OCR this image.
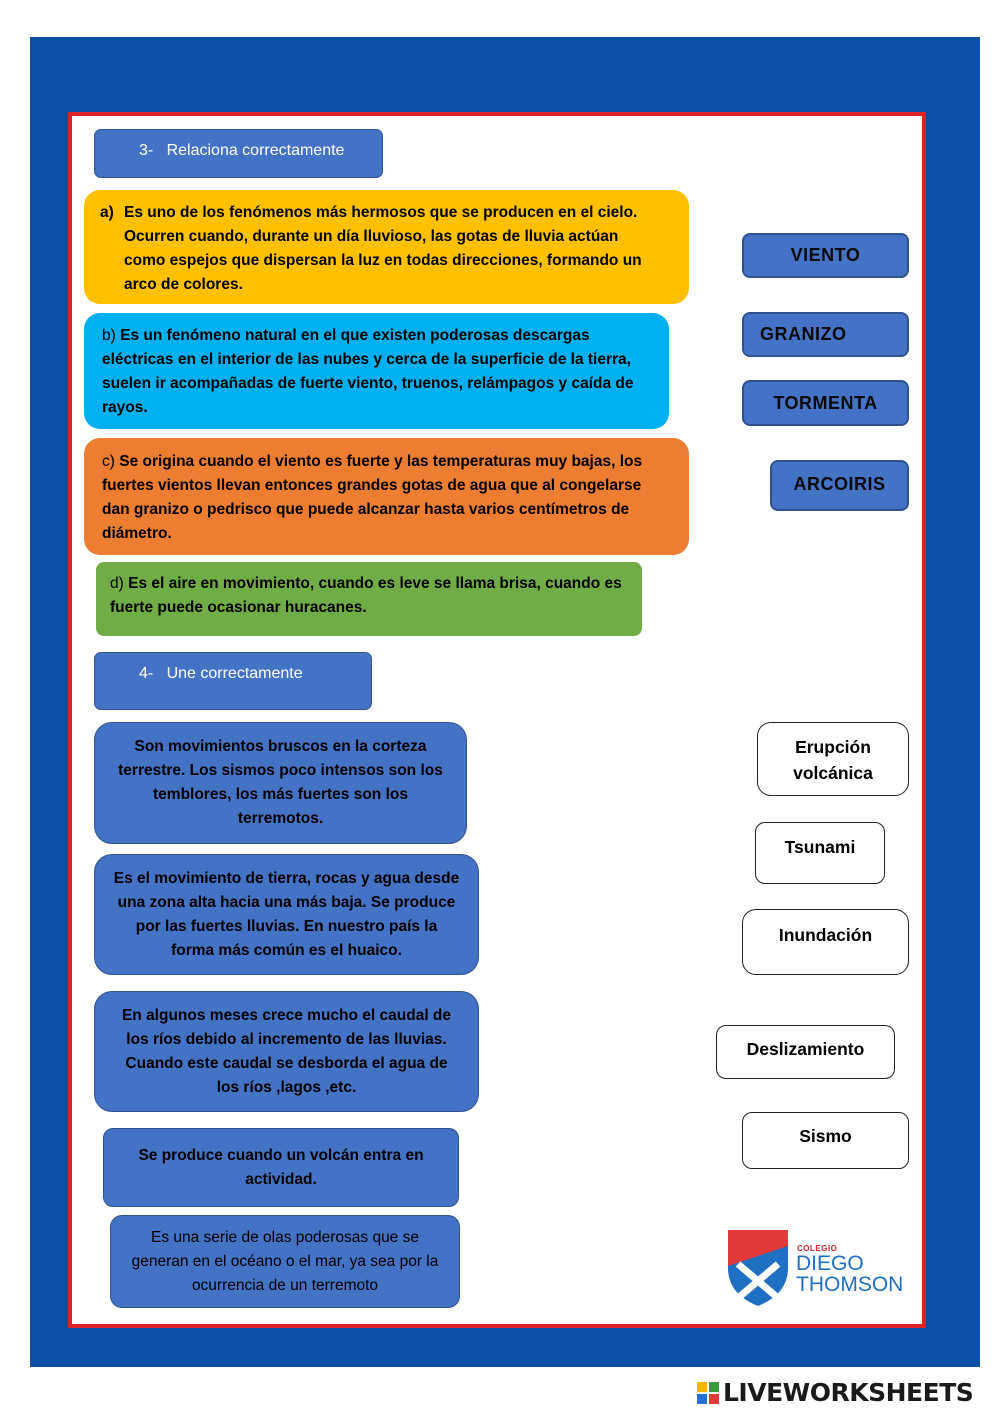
3- Relaciona correctamente
a) Es uno de los fenómenos más hermosos que se producen en el cielo. Ocurren cuando, durante un día lluvioso, las gotas de lluvia actúan como espejos que dispersan la luz en todas direcciones, formando un arco de colores.
b) Es un fenómeno natural en el que existen poderosas descargas eléctricas en el interior de las nubes y cerca de la superficie de la tierra, suelen ir acompañadas de fuerte viento, truenos, relámpagos y caída de rayos.
c) Se origina cuando el viento es fuerte y las temperaturas muy bajas, los fuertes vientos llevan entonces grandes gotas de agua que al congelarse dan granizo o pedrisco que puede alcanzar hasta varios centímetros de diámetro.
d) Es el aire en movimiento, cuando es leve se llama brisa, cuando es fuerte puede ocasionar huracanes.
VIENTO
GRANIZO
TORMENTA
ARCOIRIS
4- Une correctamente
Son movimientos bruscos en la corteza terrestre. Los sismos poco intensos son los temblores, los más fuertes son los terremotos.
Es el movimiento de tierra, rocas y agua desde una zona alta hacia una más baja. Se produce por las fuertes lluvias. En nuestro país la forma más común es el huaico.
En algunos meses crece mucho el caudal de los ríos debido al incremento de las lluvias. Cuando este caudal se desborda el agua de los ríos ,lagos ,etc.
Se produce cuando un volcán entra en actividad.
Es una serie de olas poderosas que se generan en el océano o el mar, ya sea por la ocurrencia de un terremoto
Erupción volcánica
Tsunami
Inundación
Deslizamiento
Sismo
COLEGIO
DIEGO
THOMSON
LIVEWORKSHEETS
